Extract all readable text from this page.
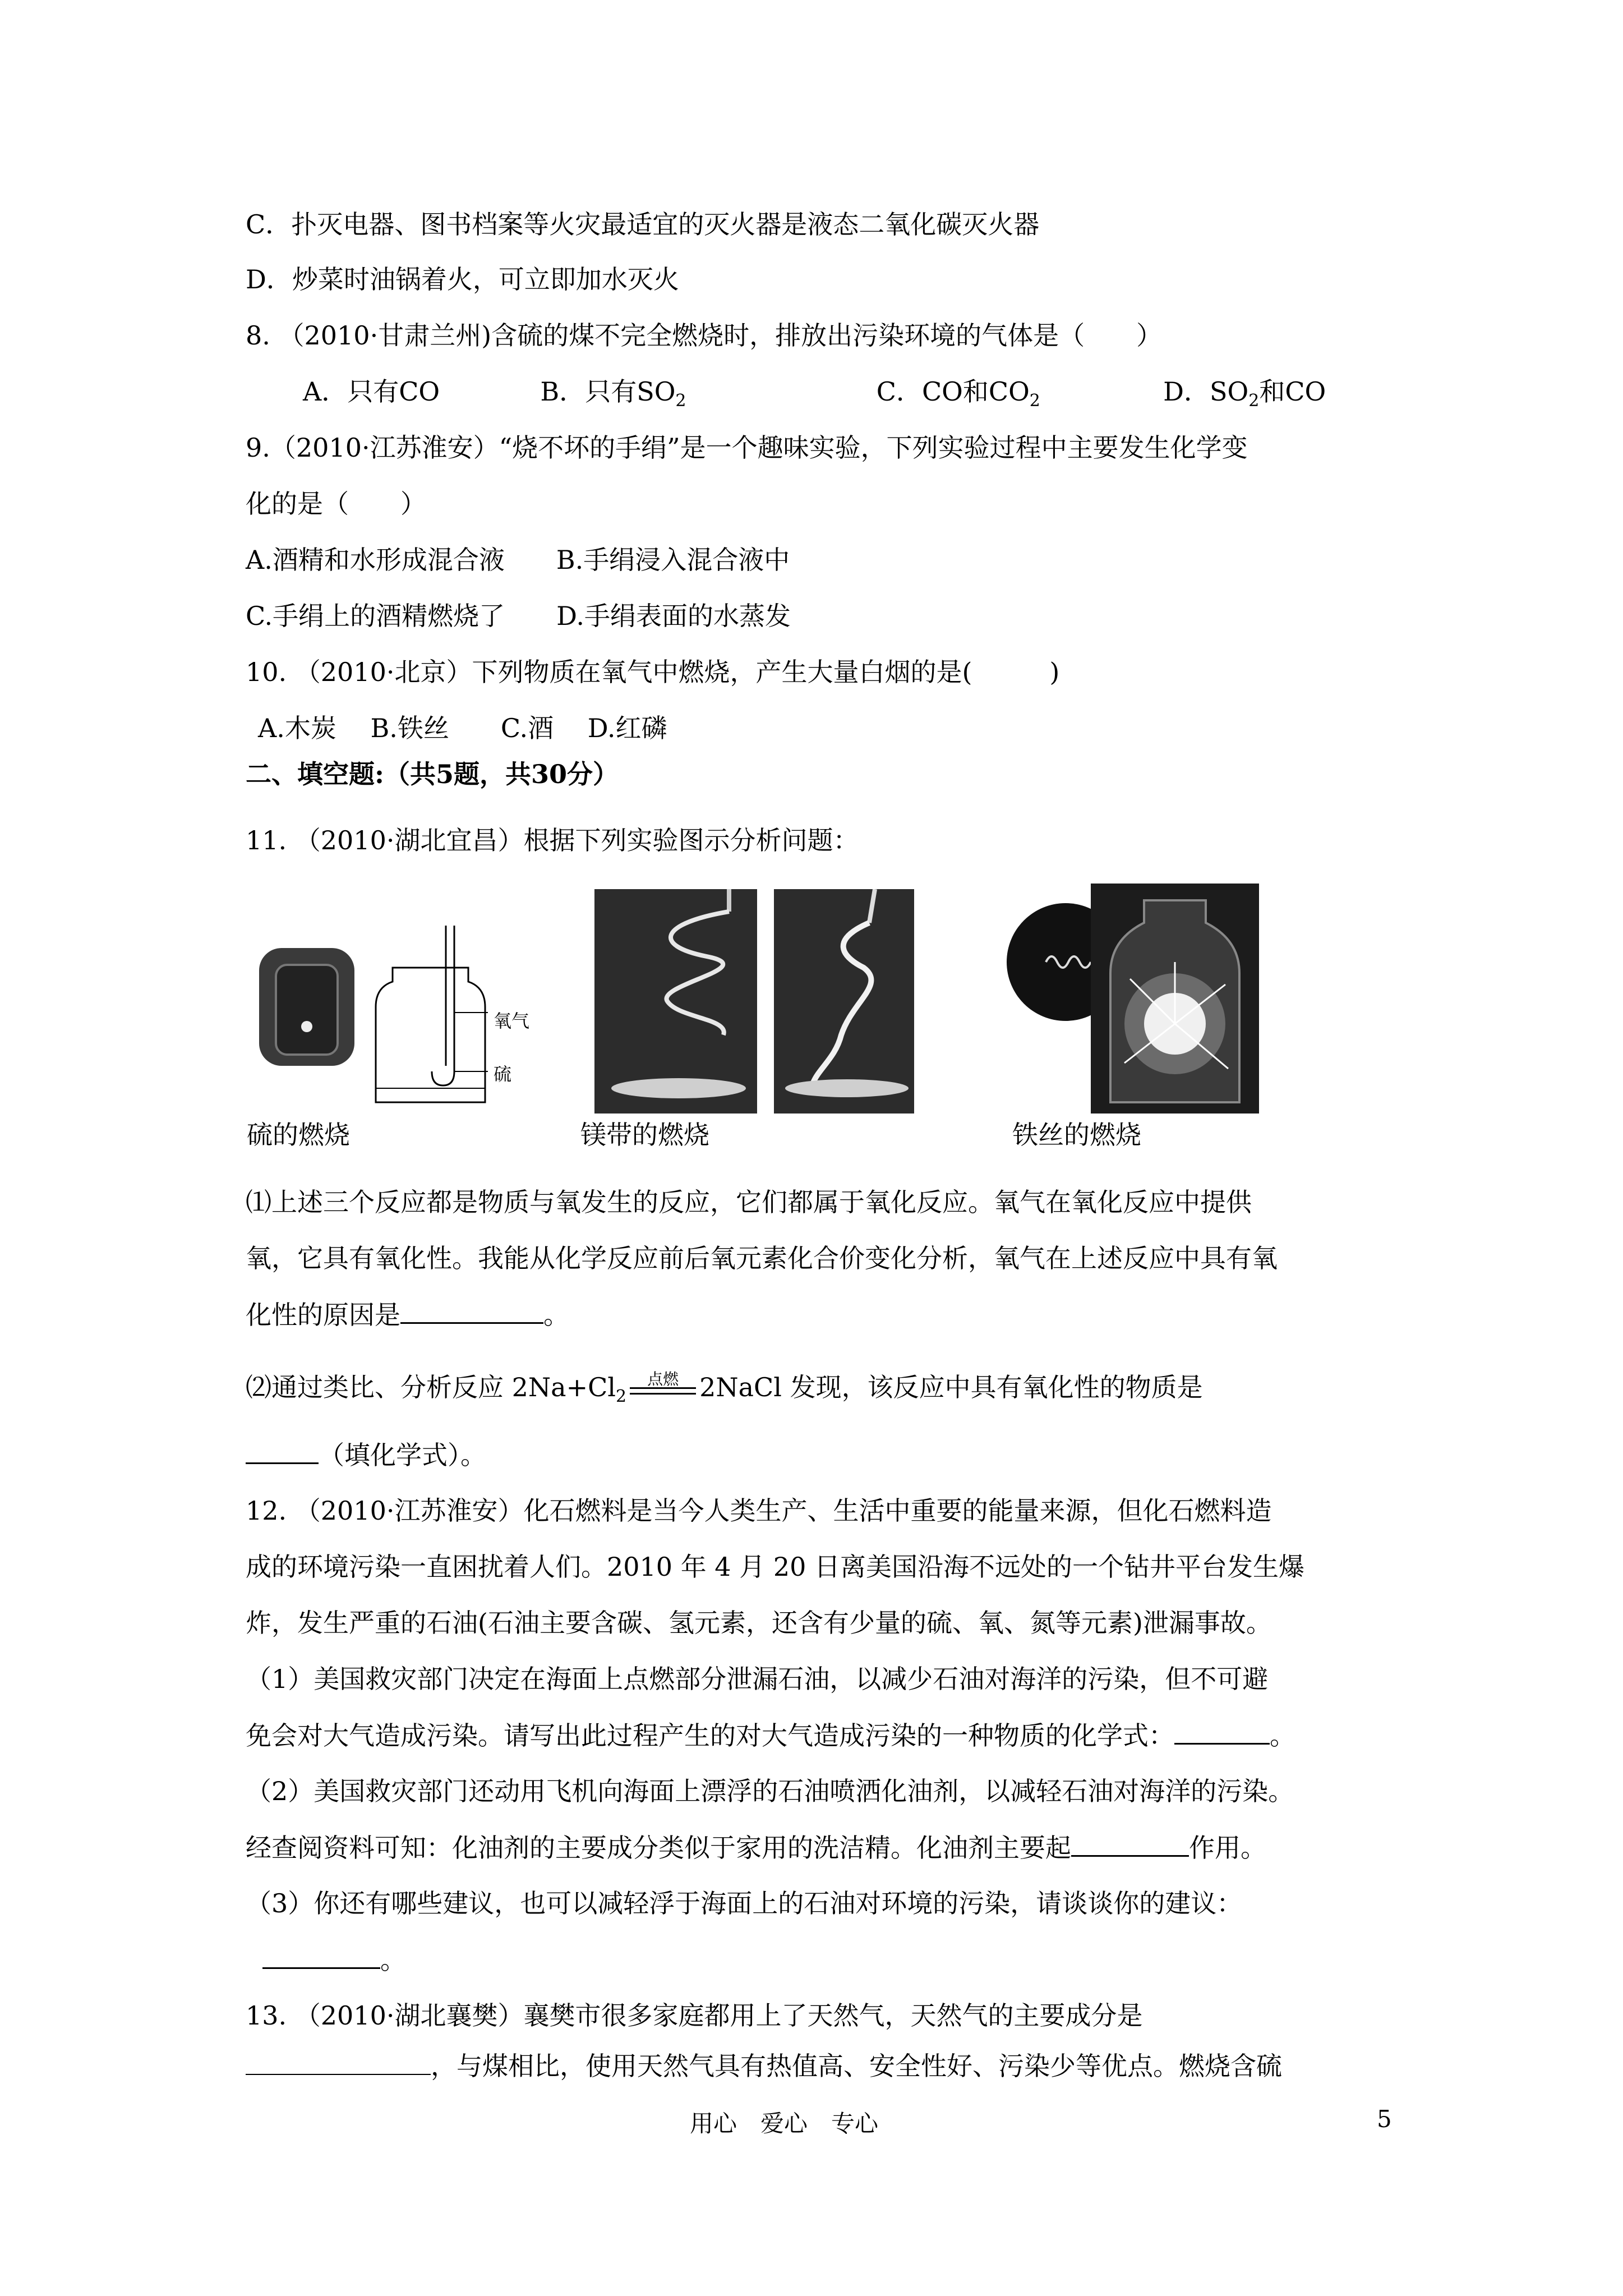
C．扑灭电器、图书档案等火灾最适宜的灭火器是液态二氧化碳灭火器
D．炒菜时油锅着火，可立即加水灭火
8. （2010·甘肃兰州)含硫的煤不完全燃烧时，排放出污染环境的气体是（　　）
A．只有CO	B．只有$SO_2$	C．CO和$CO_2$	D．$SO_2$和CO
9.（2010·江苏淮安）“烧不坏的手绢”是一个趣味实验，下列实验过程中主要发生化学变
化的是（　　）
A.酒精和水形成混合液　　B.手绢浸入混合液中
C.手绢上的酒精燃烧了　　D.手绢表面的水蒸发
10. （2010·北京）下列物质在氧气中燃烧，产生大量白烟的是(　　　)
A.木炭　 B.铁丝　　C.酒　 D.红磷
二、填空题:（共5题，共30分）
11. （2010·湖北宜昌）根据下列实验图示分析问题：
氧气
硫
硫的燃烧	镁带的燃烧	铁丝的燃烧
⑴上述三个反应都是物质与氧发生的反应，它们都属于氧化反应。氧气在氧化反应中提供
氧，它具有氧化性。我能从化学反应前后氧元素化合价变化分析，氧气在上述反应中具有氧
化性的原因是	。
⑵通过类比、分析反应 $2Na+Cl_2$
点燃 2NaCl 发现，该反应中具有氧化性的物质是
（填化学式）。
12. （2010·江苏淮安）化石燃料是当今人类生产、生活中重要的能量来源，但化石燃料造
成的环境污染一直困扰着人们。2010 年 4 月 20 日离美国沿海不远处的一个钻井平台发生爆
炸，发生严重的石油(石油主要含碳、氢元素，还含有少量的硫、氧、氮等元素)泄漏事故。
（1）美国救灾部门决定在海面上点燃部分泄漏石油，以减少石油对海洋的污染，但不可避
免会对大气造成污染。请写出此过程产生的对大气造成污染的一种物质的化学式：	。
（2）美国救灾部门还动用飞机向海面上漂浮的石油喷洒化油剂，以减轻石油对海洋的污染。
经查阅资料可知：化油剂的主要成分类似于家用的洗洁精。化油剂主要起	作用。
（3）你还有哪些建议，也可以减轻浮于海面上的石油对环境的污染，请谈谈你的建议：
。
13. （2010·湖北襄樊）襄樊市很多家庭都用上了天然气，天然气的主要成分是
，与煤相比，使用天然气具有热值高、安全性好、污染少等优点。燃烧含硫
用心　爱心　专心	5
